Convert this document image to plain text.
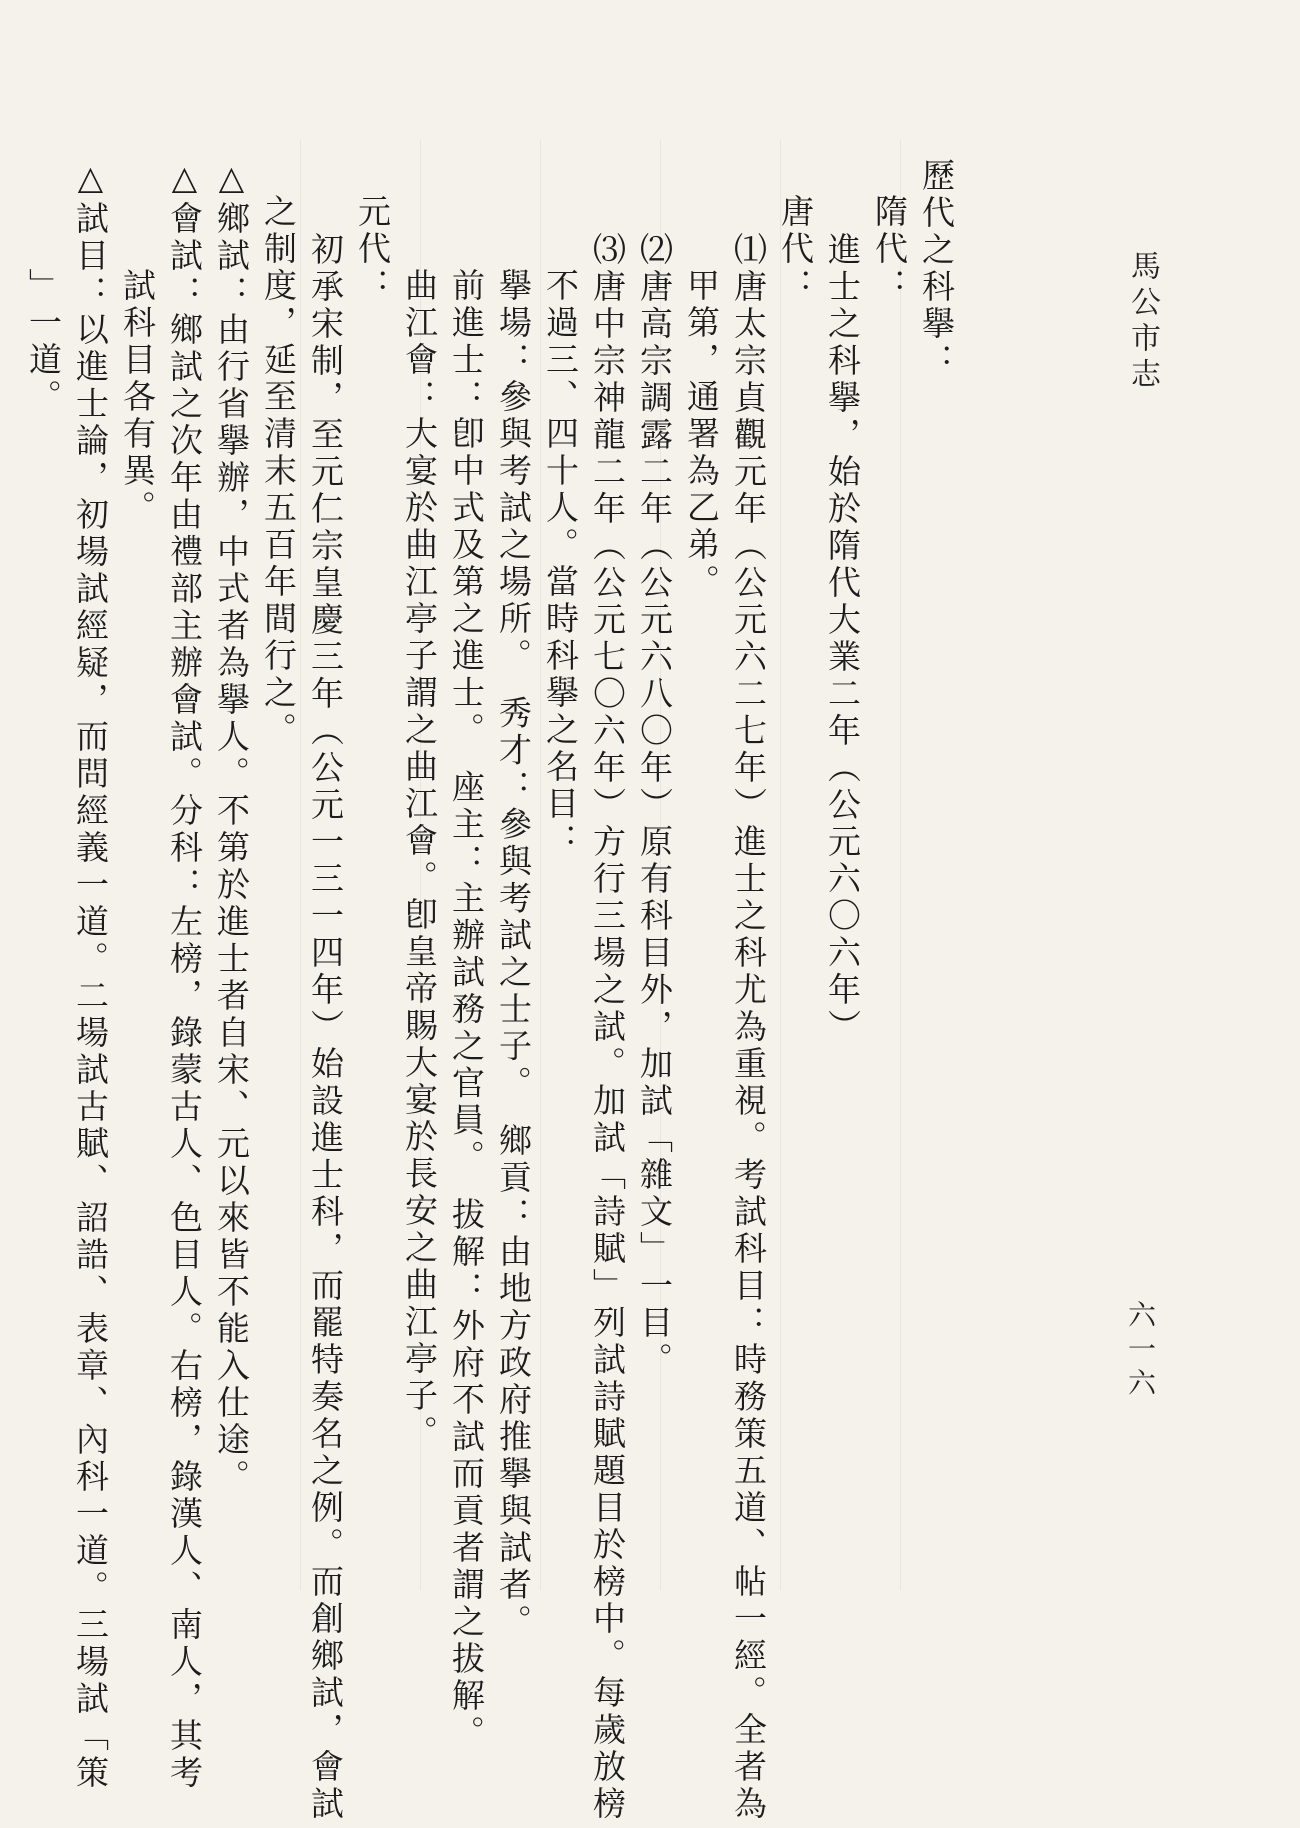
馬公市志
六一六
歷代之科擧：
隋代：
進士之科擧，始於隋代大業二年（公元六〇六年）
唐代：
⑴唐太宗貞觀元年（公元六二七年）進士之科尤為重視。考試科目：時務策五道、帖一經。全者為
甲第，通署為乙弟。
⑵唐高宗調露二年（公元六八〇年）原有科目外，加試「雜文」一目。
⑶唐中宗神龍二年（公元七〇六年）方行三場之試。加試「詩賦」列試詩賦題目於榜中。每歲放榜
不過三、四十人。當時科擧之名目：
擧場：參與考試之場所。　秀才：參與考試之士子。　鄉貢：由地方政府推擧與試者。
前進士：卽中式及第之進士。　座主：主辦試務之官員。　拔解：外府不試而貢者謂之拔解。
曲江會：大宴於曲江亭子謂之曲江會。卽皇帝賜大宴於長安之曲江亭子。
元代：
初承宋制，至元仁宗皇慶三年（公元一三一四年）始設進士科，而罷特奏名之例。而創鄉試，會試
之制度，延至清末五百年間行之。
△鄉試：由行省擧辦，中式者為擧人。不第於進士者自宋、元以來皆不能入仕途。
△會試：鄉試之次年由禮部主辦會試。分科：左榜，錄蒙古人、色目人。右榜，錄漢人、南人，其考
試科目各有異。
△試目：以進士論，初場試經疑，而問經義一道。二場試古賦、詔誥、表章、內科一道。三場試「策
」一道。
